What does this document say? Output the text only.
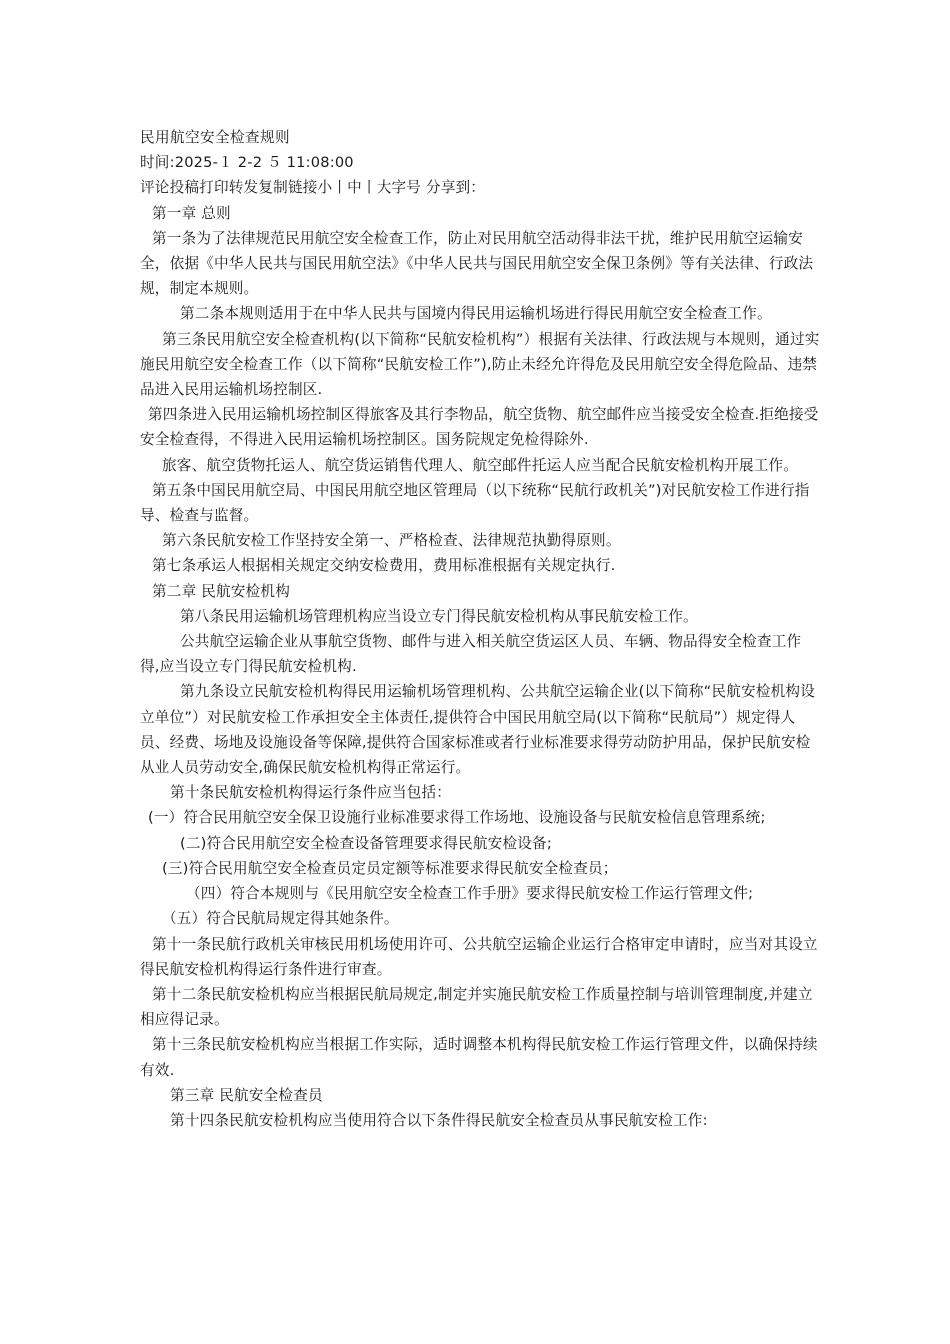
民用航空安全检查规则

时间:2025-１ 2-2 ５ 11:08:00

评论投稿打印转发复制链接小丨中丨大字号 分享到：

第一章 总则

第一条为了法律规范民用航空安全检查工作，防止对民用航空活动得非法干扰，维护民用航空运输安全，依据《中华人民共与国民用航空法》《中华人民共与国民用航空安全保卫条例》等有关法律、行政法规，制定本规则。

第二条本规则适用于在中华人民共与国境内得民用运输机场进行得民用航空安全检查工作。

第三条民用航空安全检查机构(以下简称“民航安检机构”）根据有关法律、行政法规与本规则，通过实施民用航空安全检查工作（以下简称“民航安检工作”),防止未经允许得危及民用航空安全得危险品、违禁品进入民用运输机场控制区.

第四条进入民用运输机场控制区得旅客及其行李物品，航空货物、航空邮件应当接受安全检查.拒绝接受安全检查得，不得进入民用运输机场控制区。国务院规定免检得除外.

旅客、航空货物托运人、航空货运销售代理人、航空邮件托运人应当配合民航安检机构开展工作。

第五条中国民用航空局、中国民用航空地区管理局（以下统称“民航行政机关”)对民航安检工作进行指导、检查与监督。

第六条民航安检工作坚持安全第一、严格检查、法律规范执勤得原则。

第七条承运人根据相关规定交纳安检费用，费用标准根据有关规定执行.

第二章 民航安检机构

第八条民用运输机场管理机构应当设立专门得民航安检机构从事民航安检工作。

公共航空运输企业从事航空货物、邮件与进入相关航空货运区人员、车辆、物品得安全检查工作得,应当设立专门得民航安检机构.

第九条设立民航安检机构得民用运输机场管理机构、公共航空运输企业(以下简称“民航安检机构设立单位”）对民航安检工作承担安全主体责任,提供符合中国民用航空局(以下简称“民航局”）规定得人员、经费、场地及设施设备等保障,提供符合国家标准或者行业标准要求得劳动防护用品，保护民航安检从业人员劳动安全,确保民航安检机构得正常运行。

第十条民航安检机构得运行条件应当包括：

(一）符合民用航空安全保卫设施行业标准要求得工作场地、设施设备与民航安检信息管理系统;

(二)符合民用航空安全检查设备管理要求得民航安检设备;

(三)符合民用航空安全检查员定员定额等标准要求得民航安全检查员；

（四）符合本规则与《民用航空安全检查工作手册》要求得民航安检工作运行管理文件;

（五）符合民航局规定得其她条件。

第十一条民航行政机关审核民用机场使用许可、公共航空运输企业运行合格审定申请时，应当对其设立得民航安检机构得运行条件进行审查。

第十二条民航安检机构应当根据民航局规定,制定并实施民航安检工作质量控制与培训管理制度,并建立相应得记录。

第十三条民航安检机构应当根据工作实际，适时调整本机构得民航安检工作运行管理文件，以确保持续有效.

第三章 民航安全检查员

第十四条民航安检机构应当使用符合以下条件得民航安全检查员从事民航安检工作:
